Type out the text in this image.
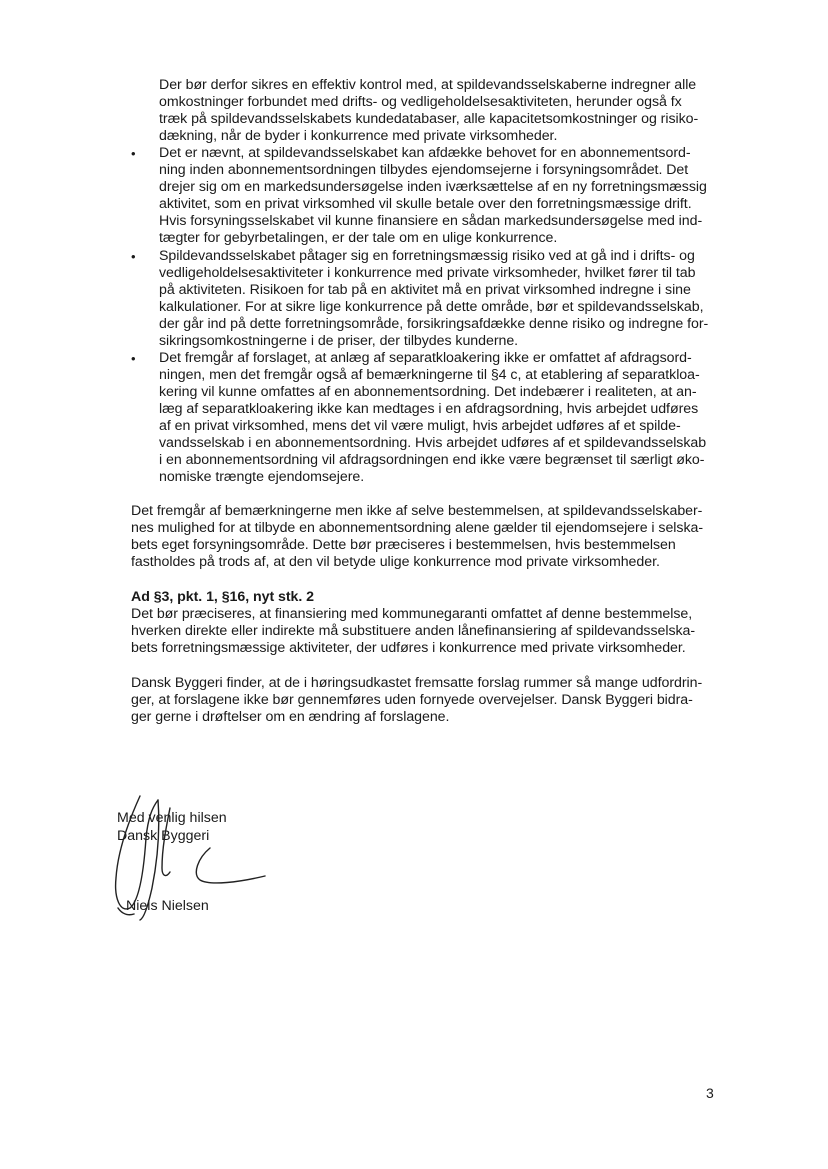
Der bør derfor sikres en effektiv kontrol med, at spildevandsselskaberne indregner alle
omkostninger forbundet med drifts- og vedligeholdelsesaktiviteten, herunder også fx
træk på spildevandsselskabets kundedatabaser, alle kapacitetsomkostninger og risiko-
dækning, når de byder i konkurrence med private virksomheder.
• Det er nævnt, at spildevandsselskabet kan afdække behovet for en abonnementsord-
ning inden abonnementsordningen tilbydes ejendomsejerne i forsyningsområdet. Det
drejer sig om en markedsundersøgelse inden iværksættelse af en ny forretningsmæssig
aktivitet, som en privat virksomhed vil skulle betale over den forretningsmæssige drift.
Hvis forsyningsselskabet vil kunne finansiere en sådan markedsundersøgelse med ind-
tægter for gebyrbetalingen, er der tale om en ulige konkurrence.
• Spildevandsselskabet påtager sig en forretningsmæssig risiko ved at gå ind i drifts- og
vedligeholdelsesaktiviteter i konkurrence med private virksomheder, hvilket fører til tab
på aktiviteten. Risikoen for tab på en aktivitet må en privat virksomhed indregne i sine
kalkulationer. For at sikre lige konkurrence på dette område, bør et spildevandsselskab,
der går ind på dette forretningsområde, forsikringsafdække denne risiko og indregne for-
sikringsomkostningerne i de priser, der tilbydes kunderne.
• Det fremgår af forslaget, at anlæg af separatkloakering ikke er omfattet af afdragsord-
ningen, men det fremgår også af bemærkningerne til §4 c, at etablering af separatkloa-
kering vil kunne omfattes af en abonnementsordning. Det indebærer i realiteten, at an-
læg af separatkloakering ikke kan medtages i en afdragsordning, hvis arbejdet udføres
af en privat virksomhed, mens det vil være muligt, hvis arbejdet udføres af et spilde-
vandsselskab i en abonnementsordning. Hvis arbejdet udføres af et spildevandsselskab
i en abonnementsordning vil afdragsordningen end ikke være begrænset til særligt øko-
nomiske trængte ejendomsejere.
Det fremgår af bemærkningerne men ikke af selve bestemmelsen, at spildevandsselskaber-
nes mulighed for at tilbyde en abonnementsordning alene gælder til ejendomsejere i selska-
bets eget forsyningsområde. Dette bør præciseres i bestemmelsen, hvis bestemmelsen
fastholdes på trods af, at den vil betyde ulige konkurrence mod private virksomheder.
Ad §3, pkt. 1, §16, nyt stk. 2
Det bør præciseres, at finansiering med kommunegaranti omfattet af denne bestemmelse,
hverken direkte eller indirekte må substituere anden lånefinansiering af spildevandsselska-
bets forretningsmæssige aktiviteter, der udføres i konkurrence med private virksomheder.
Dansk Byggeri finder, at de i høringsudkastet fremsatte forslag rummer så mange udfordrin-
ger, at forslagene ikke bør gennemføres uden fornyede overvejelser. Dansk Byggeri bidra-
ger gerne i drøftelser om en ændring af forslagene.
Med venlig hilsen
Dansk Byggeri
Niels Nielsen
3
